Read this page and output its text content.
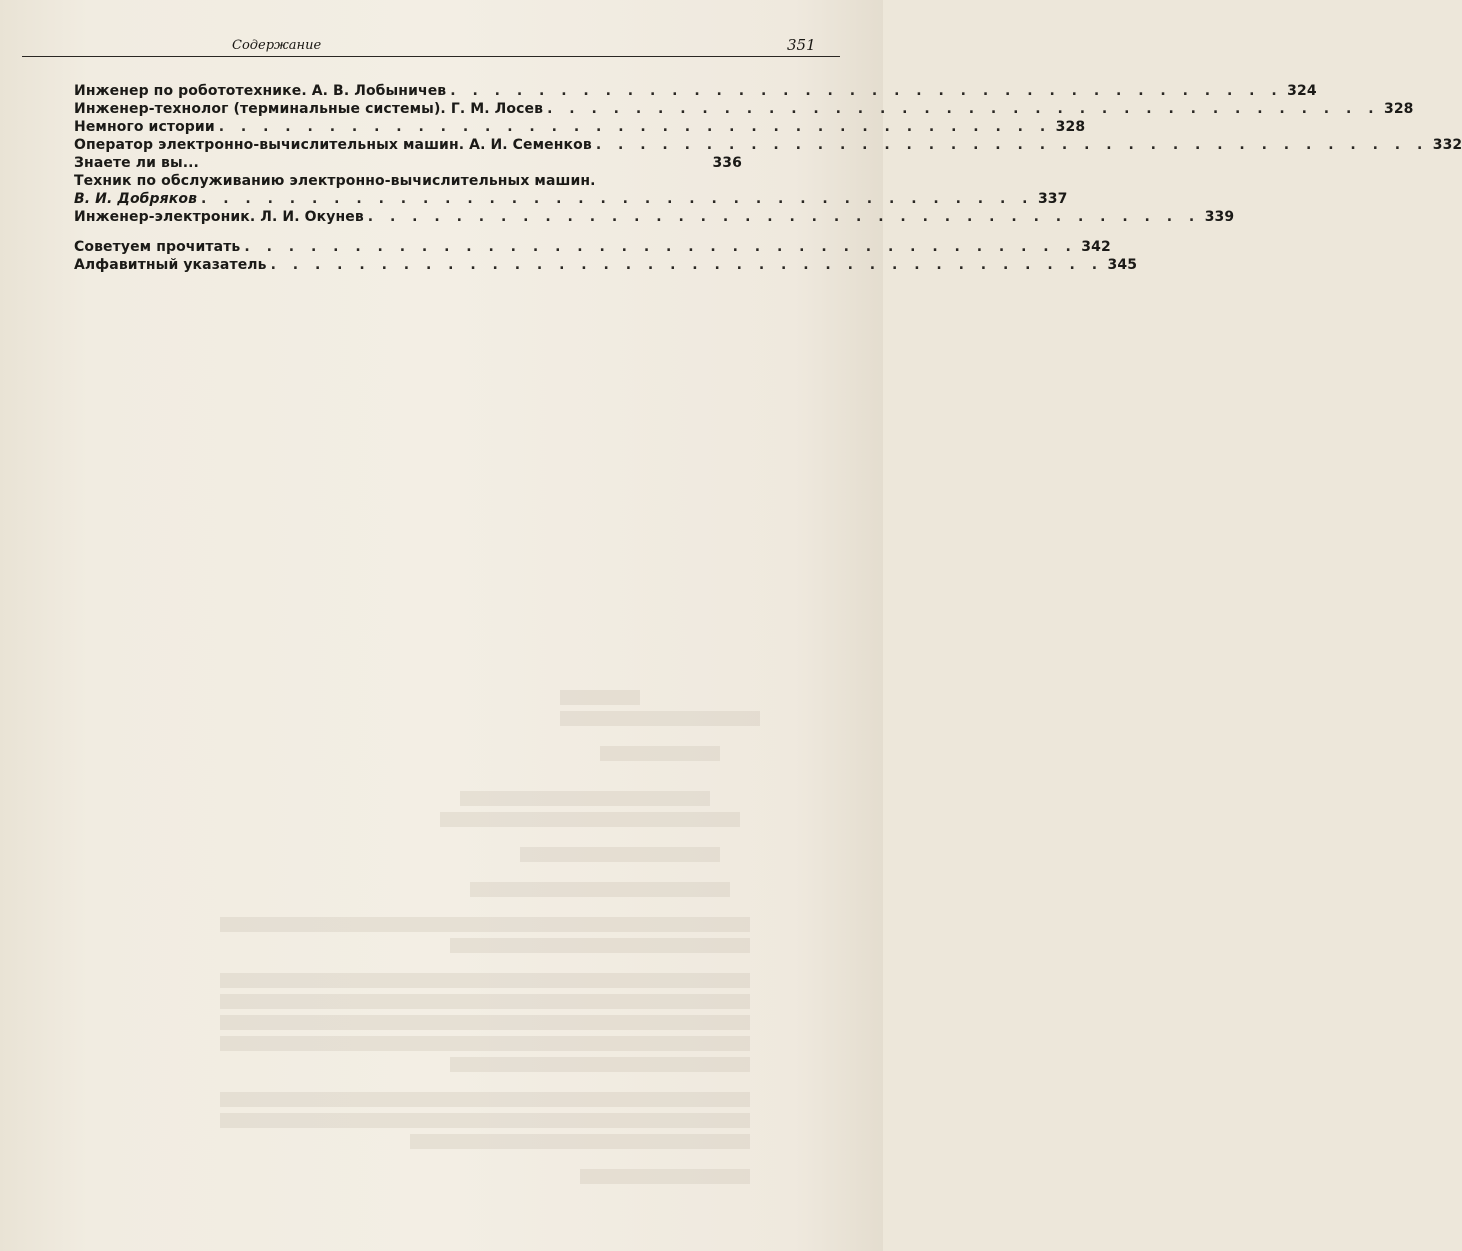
Содержание	351
Инженер по робототехнике. А. В. Лобыничев . . . . . . . . . . . . . . . . . . . . . . . . . . . . . . . . . . . . . . 324
Инженер-технолог (терминальные системы). Г. М. Лосев . . . . . . . . . . . . . . . . . . . . . . . . . . . . . . . . . . . . . . 328
Немного истории . . . . . . . . . . . . . . . . . . . . . . . . . . . . . . . . . . . . . . 328
Оператор электронно-вычислительных машин. А. И. Семенков . . . . . . . . . . . . . . . . . . . . . . . . . . . . . . . . . . . . . . 332
Знаете ли вы...	336
Техник по обслуживанию электронно-вычислительных машин.
В. И. Добряков . . . . . . . . . . . . . . . . . . . . . . . . . . . . . . . . . . . . . . 337
Инженер-электроник. Л. И. Окунев . . . . . . . . . . . . . . . . . . . . . . . . . . . . . . . . . . . . . . 339
Советуем прочитать . . . . . . . . . . . . . . . . . . . . . . . . . . . . . . . . . . . . . . 342
Алфавитный указатель . . . . . . . . . . . . . . . . . . . . . . . . . . . . . . . . . . . . . . 345
